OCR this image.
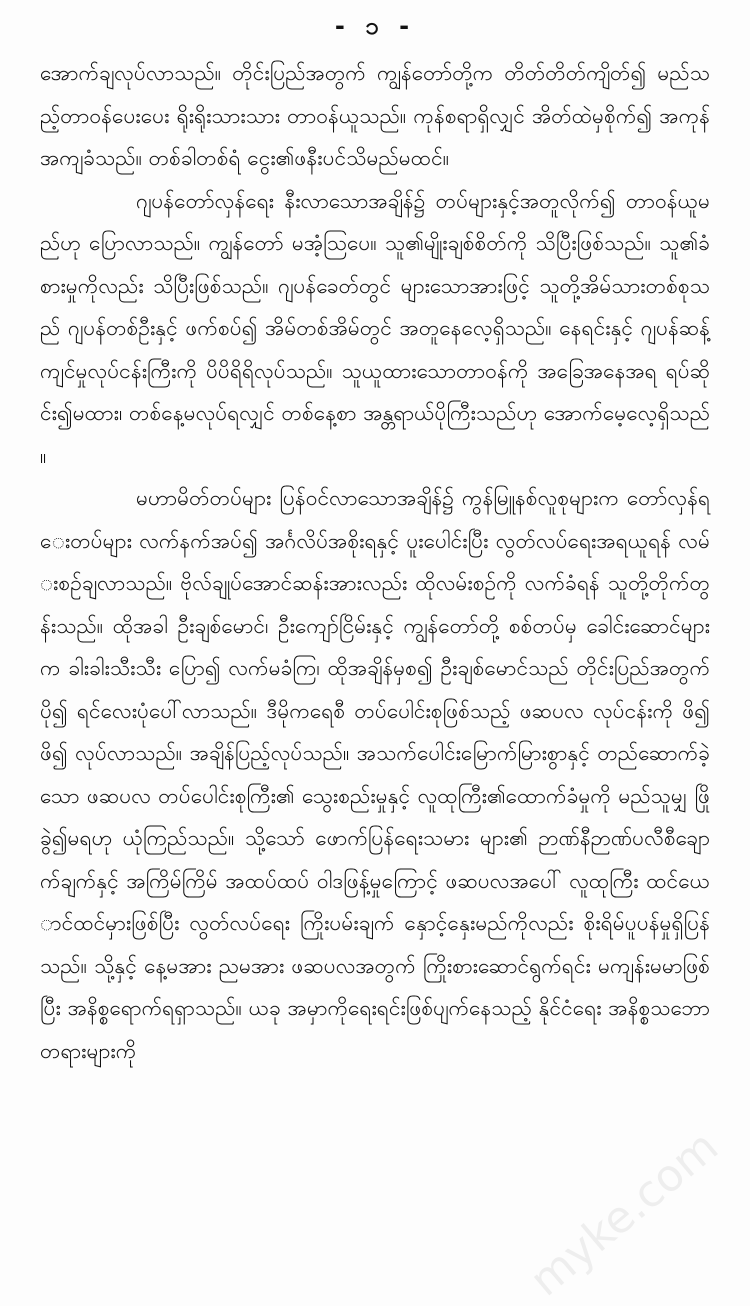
- ၁ -

အောက်ချလုပ်လာသည်။ တိုင်းပြည်အတွက် ကျွန်တော်တို့က တိတ်တိတ်ကျိတ်၍ မည်သည့်တာဝန်ပေးပေး ရိုးရိုးသားသား တာဝန်ယူသည်။ ကုန်စရာရှိလျှင် အိတ်ထဲမှစိုက်၍ အကုန်အကျခံသည်။ တစ်ခါတစ်ရံ ငွေး၏ဖနီးပင်သိမည်မထင်။

ဂျပန်တော်လှန်ရေး နီးလာသောအချိန်၌ တပ်များနှင့်အတူလိုက်၍ တာဝန်ယူမည်ဟု ပြောလာသည်။ ကျွန်တော် မအံ့သြပေ။ သူ၏မျိုးချစ်စိတ်ကို သိပြီးဖြစ်သည်။ သူ၏ခံစားမှုကိုလည်း သိပြီးဖြစ်သည်။ ဂျပန်ခေတ်တွင် များသောအားဖြင့် သူတို့အိမ်သားတစ်စုသည် ဂျပန်တစ်ဦးနှင့် ဖက်စပ်၍ အိမ်တစ်အိမ်တွင် အတူနေလေ့ရှိသည်။ နေရင်းနှင့် ဂျပန်ဆန့်ကျင်မှုလုပ်ငန်းကြီးကို ပိပိရိရိလုပ်သည်။ သူယူထားသောတာဝန်ကို အခြေအနေအရ ရပ်ဆိုင်း၍မထား၊ တစ်နေ့မလုပ်ရလျှင် တစ်နေ့စာ အန္တရာယ်ပိုကြီးသည်ဟု အောက်မေ့လေ့ရှိသည်။

မဟာမိတ်တပ်များ ပြန်ဝင်လာသောအချိန်၌ ကွန်မြူနစ်လူစုများက တော်လှန်ရေးတပ်များ လက်နက်အပ်၍ အင်္ဂလိပ်အစိုးရနှင့် ပူးပေါင်းပြီး လွတ်လပ်ရေးအရယူရန် လမ်းစဉ်ချလာသည်။ ဗိုလ်ချုပ်အောင်ဆန်းအားလည်း ထိုလမ်းစဉ်ကို လက်ခံရန် သူတို့တိုက်တွန်းသည်။ ထိုအခါ ဦးချစ်မောင်၊ ဦးကျော်ငြိမ်းနှင့် ကျွန်တော်တို့ စစ်တပ်မှ ခေါင်းဆောင်များက ခါးခါးသီးသီး ပြော၍ လက်မခံကြ၊ ထိုအချိန်မှစ၍ ဦးချစ်မောင်သည် တိုင်းပြည်အတွက် ပို၍ ရင်လေးပုံပေါ်လာသည်။ ဒီမိုကရေစီ တပ်ပေါင်းစုဖြစ်သည့် ဖဆပလ လုပ်ငန်းကို ဖိ၍ ဖိ၍ လုပ်လာသည်။ အချိန်ပြည့်လုပ်သည်။ အသက်ပေါင်းမြောက်မြားစွာနှင့် တည်ဆောက်ခဲ့သော ဖဆပလ တပ်ပေါင်းစုကြီး၏ သွေးစည်းမှုနှင့် လူထုကြီး၏ထောက်ခံမှုကို မည်သူမျှ ဖြိုခွဲ၍မရဟု ယုံကြည်သည်။ သို့သော် ဖောက်ပြန်ရေးသမား များ၏ ဉာဏ်နီဉာဏ်ပလီစီချောက်ချက်နှင့် အကြိမ်ကြိမ် အထပ်ထပ် ဝါဒဖြန့်မှုကြောင့် ဖဆပလအပေါ် လူထုကြီး ထင်ယောင်ထင်မှားဖြစ်ပြီး လွတ်လပ်ရေး ကြိုးပမ်းချက် နှောင့်နှေးမည်ကိုလည်း စိုးရိမ်ပူပန်မှုရှိပြန်သည်။ သို့နှင့် နေ့မအား ညမအား ဖဆပလအတွက် ကြိုးစားဆောင်ရွက်ရင်း မကျန်းမမာဖြစ်ပြီး အနိစ္စရောက်ရရှာသည်။ ယခု အမှာကိုရေးရင်းဖြစ်ပျက်နေသည့် နိုင်ငံရေး အနိစ္စသဘောတရားများကို

myke.com
